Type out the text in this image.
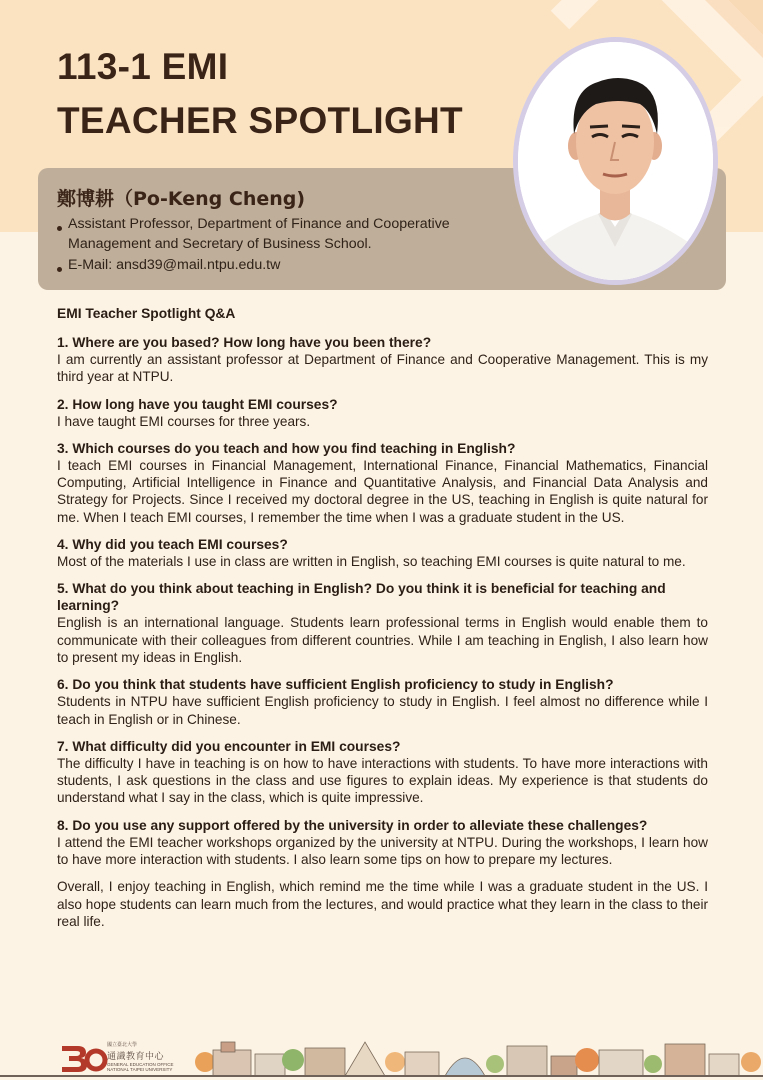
113-1 EMI
TEACHER SPOTLIGHT
鄭博耕（Po-Keng Cheng)
Assistant Professor, Department of Finance and Cooperative Management and Secretary of Business School.
E-Mail: ansd39@mail.ntpu.edu.tw
EMI Teacher Spotlight Q&A
1. Where are you based? How long have you been there?
I am currently an assistant professor at Department of Finance and Cooperative Management. This is my third year at NTPU.
2. How long have you taught EMI courses?
I have taught EMI courses for three years.
3. Which courses do you teach and how you find teaching in English?
I teach EMI courses in Financial Management, International Finance, Financial Mathematics, Financial Computing, Artificial Intelligence in Finance and Quantitative Analysis, and Financial Data Analysis and Strategy for Projects. Since I received my doctoral degree in the US, teaching in English is quite natural for me. When I teach EMI courses, I remember the time when I was a graduate student in the US.
4. Why did you teach EMI courses?
Most of the materials I use in class are written in English, so teaching EMI courses is quite natural to me.
5. What do you think about teaching in English? Do you think it is beneficial for teaching and learning?
English is an international language. Students learn professional terms in English would enable them to communicate with their colleagues from different countries. While I am teaching in English, I also learn how to present my ideas in English.
6. Do you think that students have sufficient English proficiency to study in English?
Students in NTPU have sufficient English proficiency to study in English. I feel almost no difference while I teach in English or in Chinese.
7. What difficulty did you encounter in EMI courses?
The difficulty I have in teaching is on how to have interactions with students. To have more interactions with students, I ask questions in the class and use figures to explain ideas. My experience is that students do understand what I say in the class, which is quite impressive.
8. Do you use any support offered by the university in order to alleviate these challenges?
I attend the EMI teacher workshops organized by the university at NTPU. During the workshops, I learn how to have more interaction with students. I also learn some tips on how to prepare my lectures.
Overall, I enjoy teaching in English, which remind me the time while I was a graduate student in the US. I also hope students can learn much from the lectures, and would practice what they learn in the class to their real life.
國立臺北大學
通識教育中心
GENERAL EDUCATION OFFICE
NATIONAL TAIPEI UNIVERSITY
